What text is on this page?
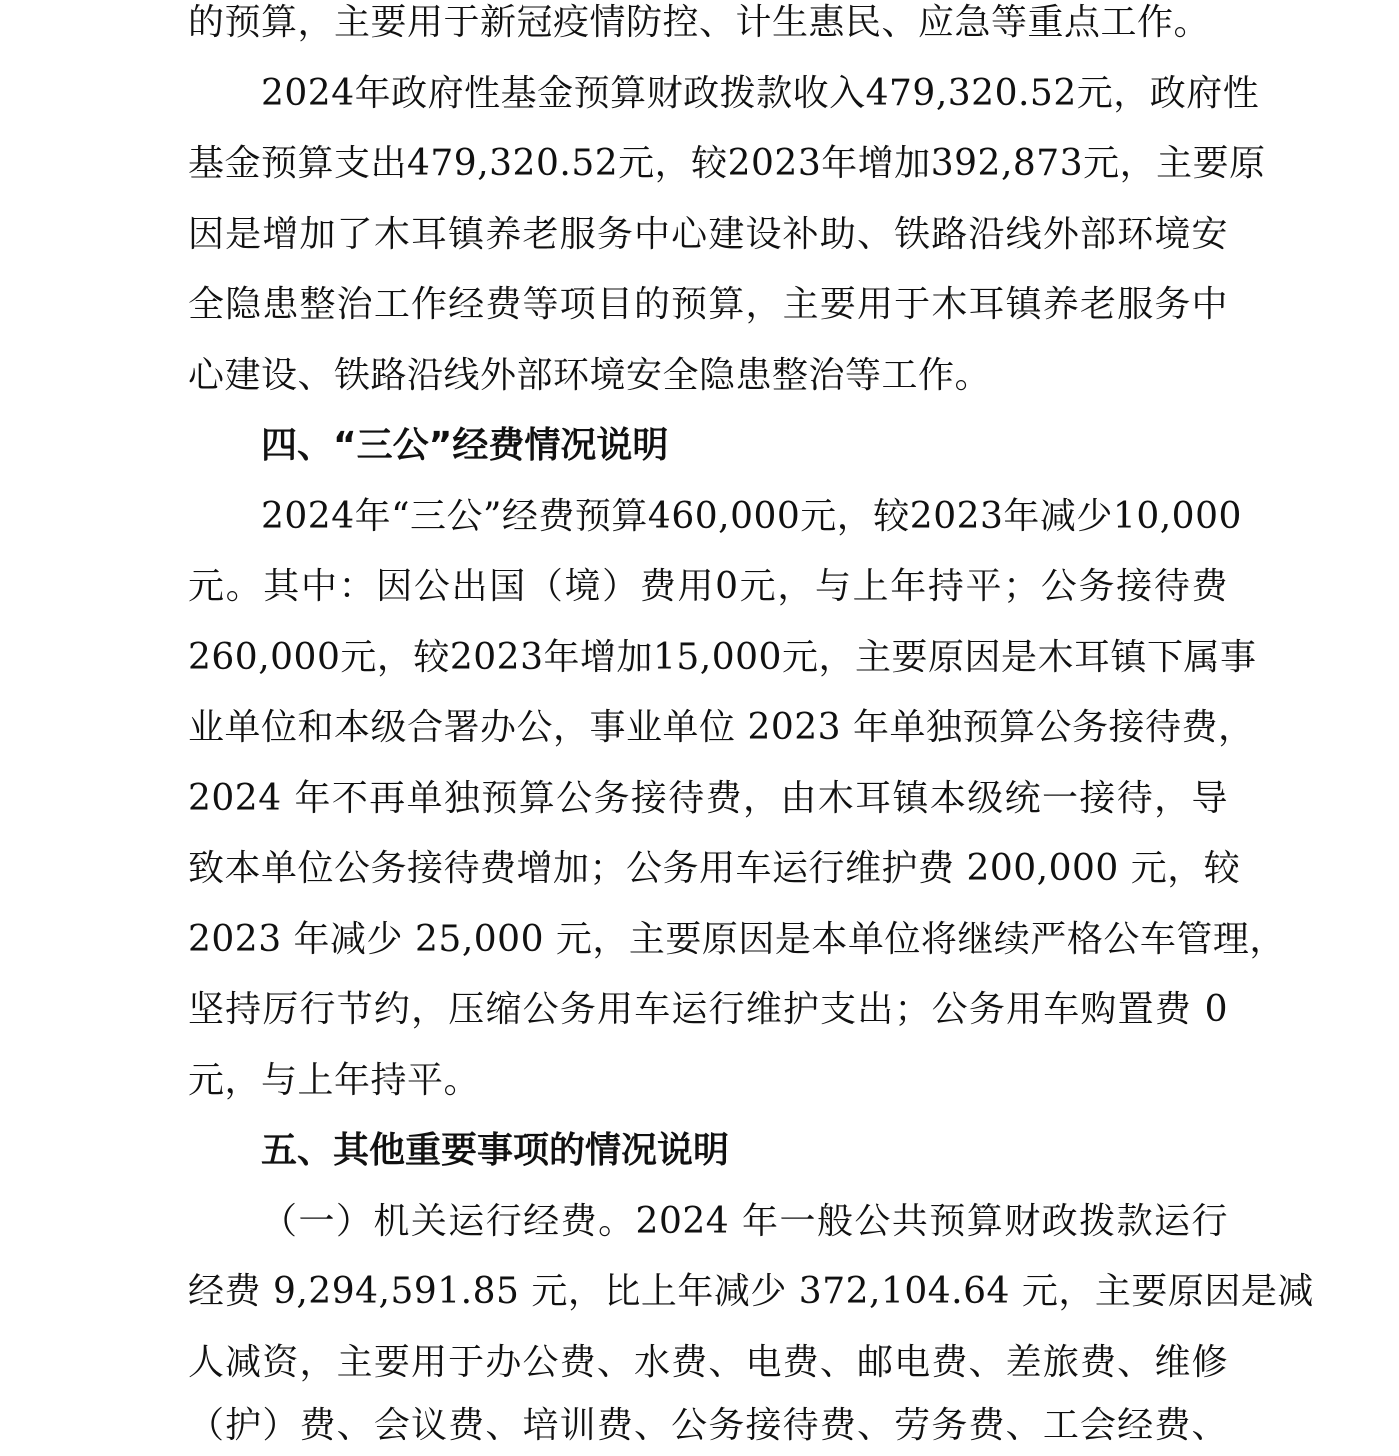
的预算，主要用于新冠疫情防控、计生惠民、应急等重点工作。
2024年政府性基金预算财政拨款收入479,320.52元，政府性
基金预算支出479,320.52元，较2023年增加392,873元，主要原
因是增加了木耳镇养老服务中心建设补助、铁路沿线外部环境安
全隐患整治工作经费等项目的预算，主要用于木耳镇养老服务中
心建设、铁路沿线外部环境安全隐患整治等工作。
四、“三公”经费情况说明
2024年“三公”经费预算460,000元，较2023年减少10,000
元。其中：因公出国（境）费用0元，与上年持平；公务接待费
260,000元，较2023年增加15,000元，主要原因是木耳镇下属事
业单位和本级合署办公，事业单位 2023 年单独预算公务接待费，
2024 年不再单独预算公务接待费，由木耳镇本级统一接待，导
致本单位公务接待费增加；公务用车运行维护费 200,000 元，较
2023 年减少 25,000 元，主要原因是本单位将继续严格公车管理，
坚持厉行节约，压缩公务用车运行维护支出；公务用车购置费 0
元，与上年持平。
五、其他重要事项的情况说明
（一）机关运行经费。2024 年一般公共预算财政拨款运行
经费 9,294,591.85 元，比上年减少 372,104.64 元，主要原因是减
人减资，主要用于办公费、水费、电费、邮电费、差旅费、维修
（护）费、会议费、培训费、公务接待费、劳务费、工会经费、
